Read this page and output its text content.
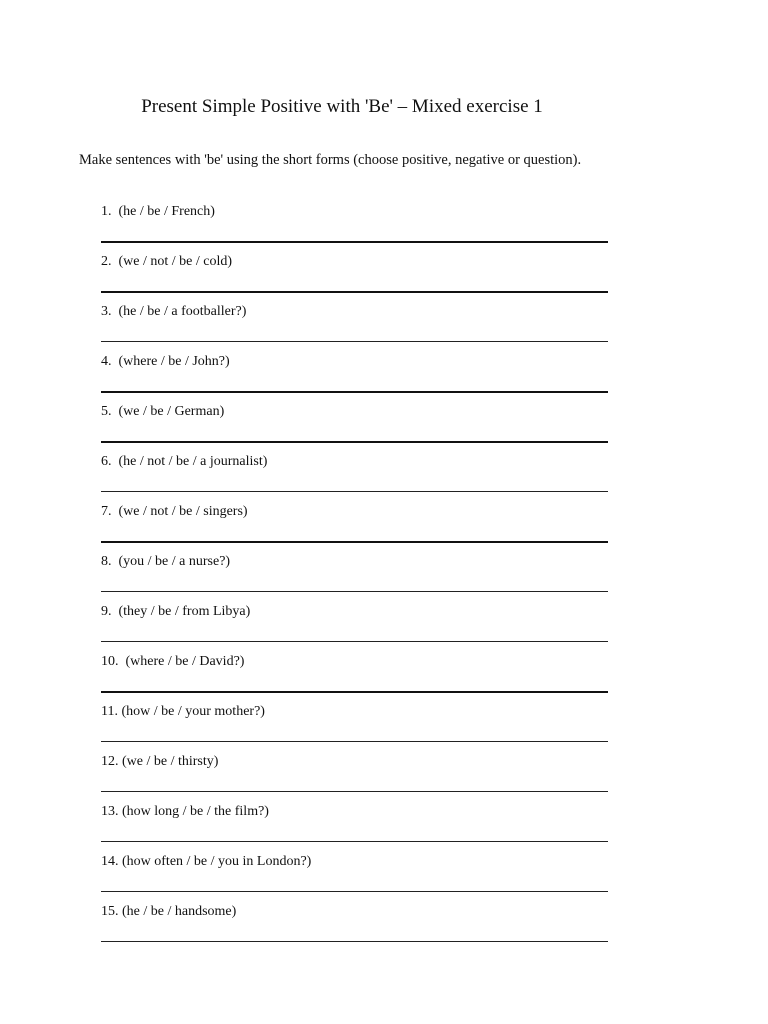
Present Simple Positive with 'Be' – Mixed exercise 1

Make sentences with 'be' using the short forms (choose positive, negative or question).

1. (he / be / French)
2. (we / not / be / cold)
3. (he / be / a footballer?)
4. (where / be / John?)
5. (we / be / German)
6. (he / not / be / a journalist)
7. (we / not / be / singers)
8. (you / be / a nurse?)
9. (they / be / from Libya)
10. (where / be / David?)
11. (how / be / your mother?)
12. (we / be / thirsty)
13. (how long / be / the film?)
14. (how often / be / you in London?)
15. (he / be / handsome)
